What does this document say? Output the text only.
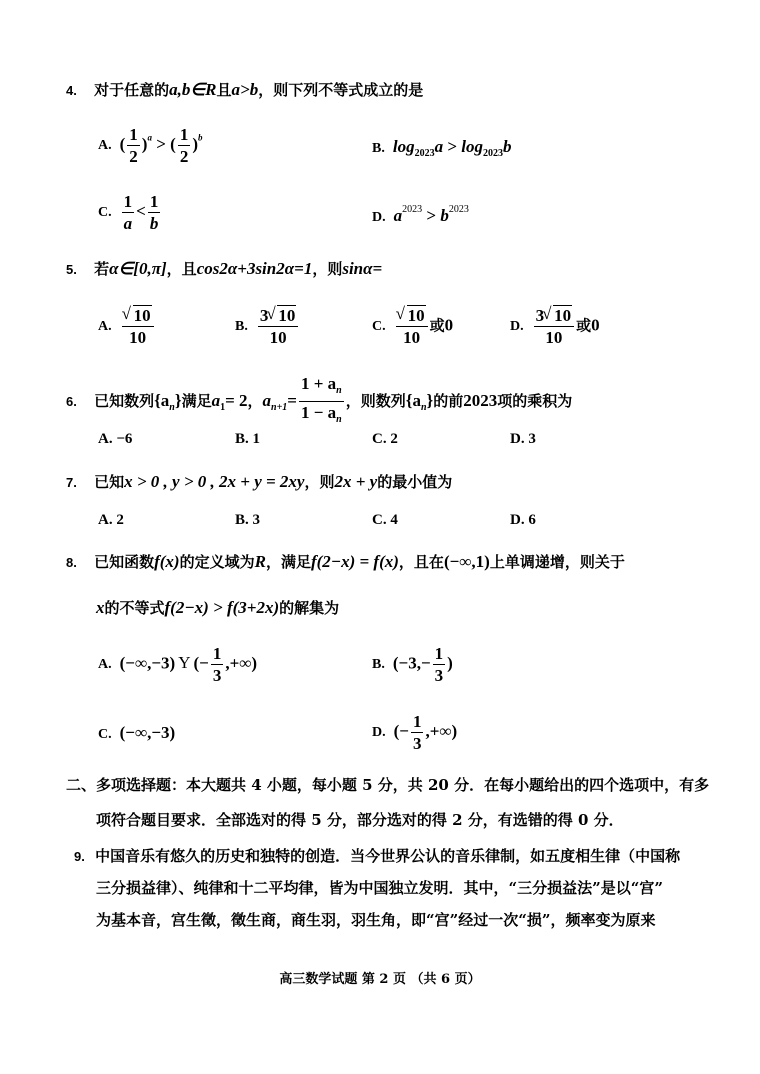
4. 对于任意的a,b∈R且a>b，则下列不等式成立的是
A. ( $\frac{1}{2} )^a$ > ( $\frac{1}{2} )^b$
B. $\log_{2023}a > \log_{2023}b$
C. $\frac{1}{a} < \frac{1}{b}$	D. $a^{2023} > b^{2023}$
5. 若α∈[0,π]，且cos2α+3sin2α=1，则sinα=
A. √ $\frac{10}{10}$	B. $\frac{3 √ 10}{10}$	C. √ $\frac{10}{10}$ 或0	D. $\frac{3 √ 10}{10}$ 或0
6. 已知数列$\{a_n\}$满足$a_1= 2$，$a_{n+1}= \frac{1 + a_n}{1 - a_n}$ ，则数列$\{a_n\}$的前2023项的乘积为
A. −6	B. 1	C. 2	D. 3
7. 已知x > 0 , y > 0 , 2x + y = 2xy，则2x + y的最小值为
A. 2	B. 3	C. 4	D. 6
8. 已知函数f(x)的定义域为R，满足f(2−x) = f(x)，且在(−∞,1)上单调递增，则关于
x的不等式f(2−x) > f(3+2x)的解集为
A. (−∞,−3) Y (− $\frac{1}{3}$ ,+∞)	B. ($-3,- \frac{1}{3}$ )
C. (−∞,−3)	D. (− $\frac{1}{3}$ ,+∞)
二、多项选择题：本大题共 4 小题，每小题 5 分，共 20 分．在每小题给出的四个选项中，有多
项符合题目要求．全部选对的得 5 分，部分选对的得 2 分，有选错的得 0 分．
9. 中国音乐有悠久的历史和独特的创造．当今世界公认的音乐律制，如五度相生律（中国称
三分损益律）、纯律和十二平均律，皆为中国独立发明．其中，“三分损益法”是以“宫”
为基本音，宫生徵，徵生商，商生羽，羽生角，即“宫”经过一次“损”，频率变为原来
高三数学试题 第 2 页 （共 6 页）
